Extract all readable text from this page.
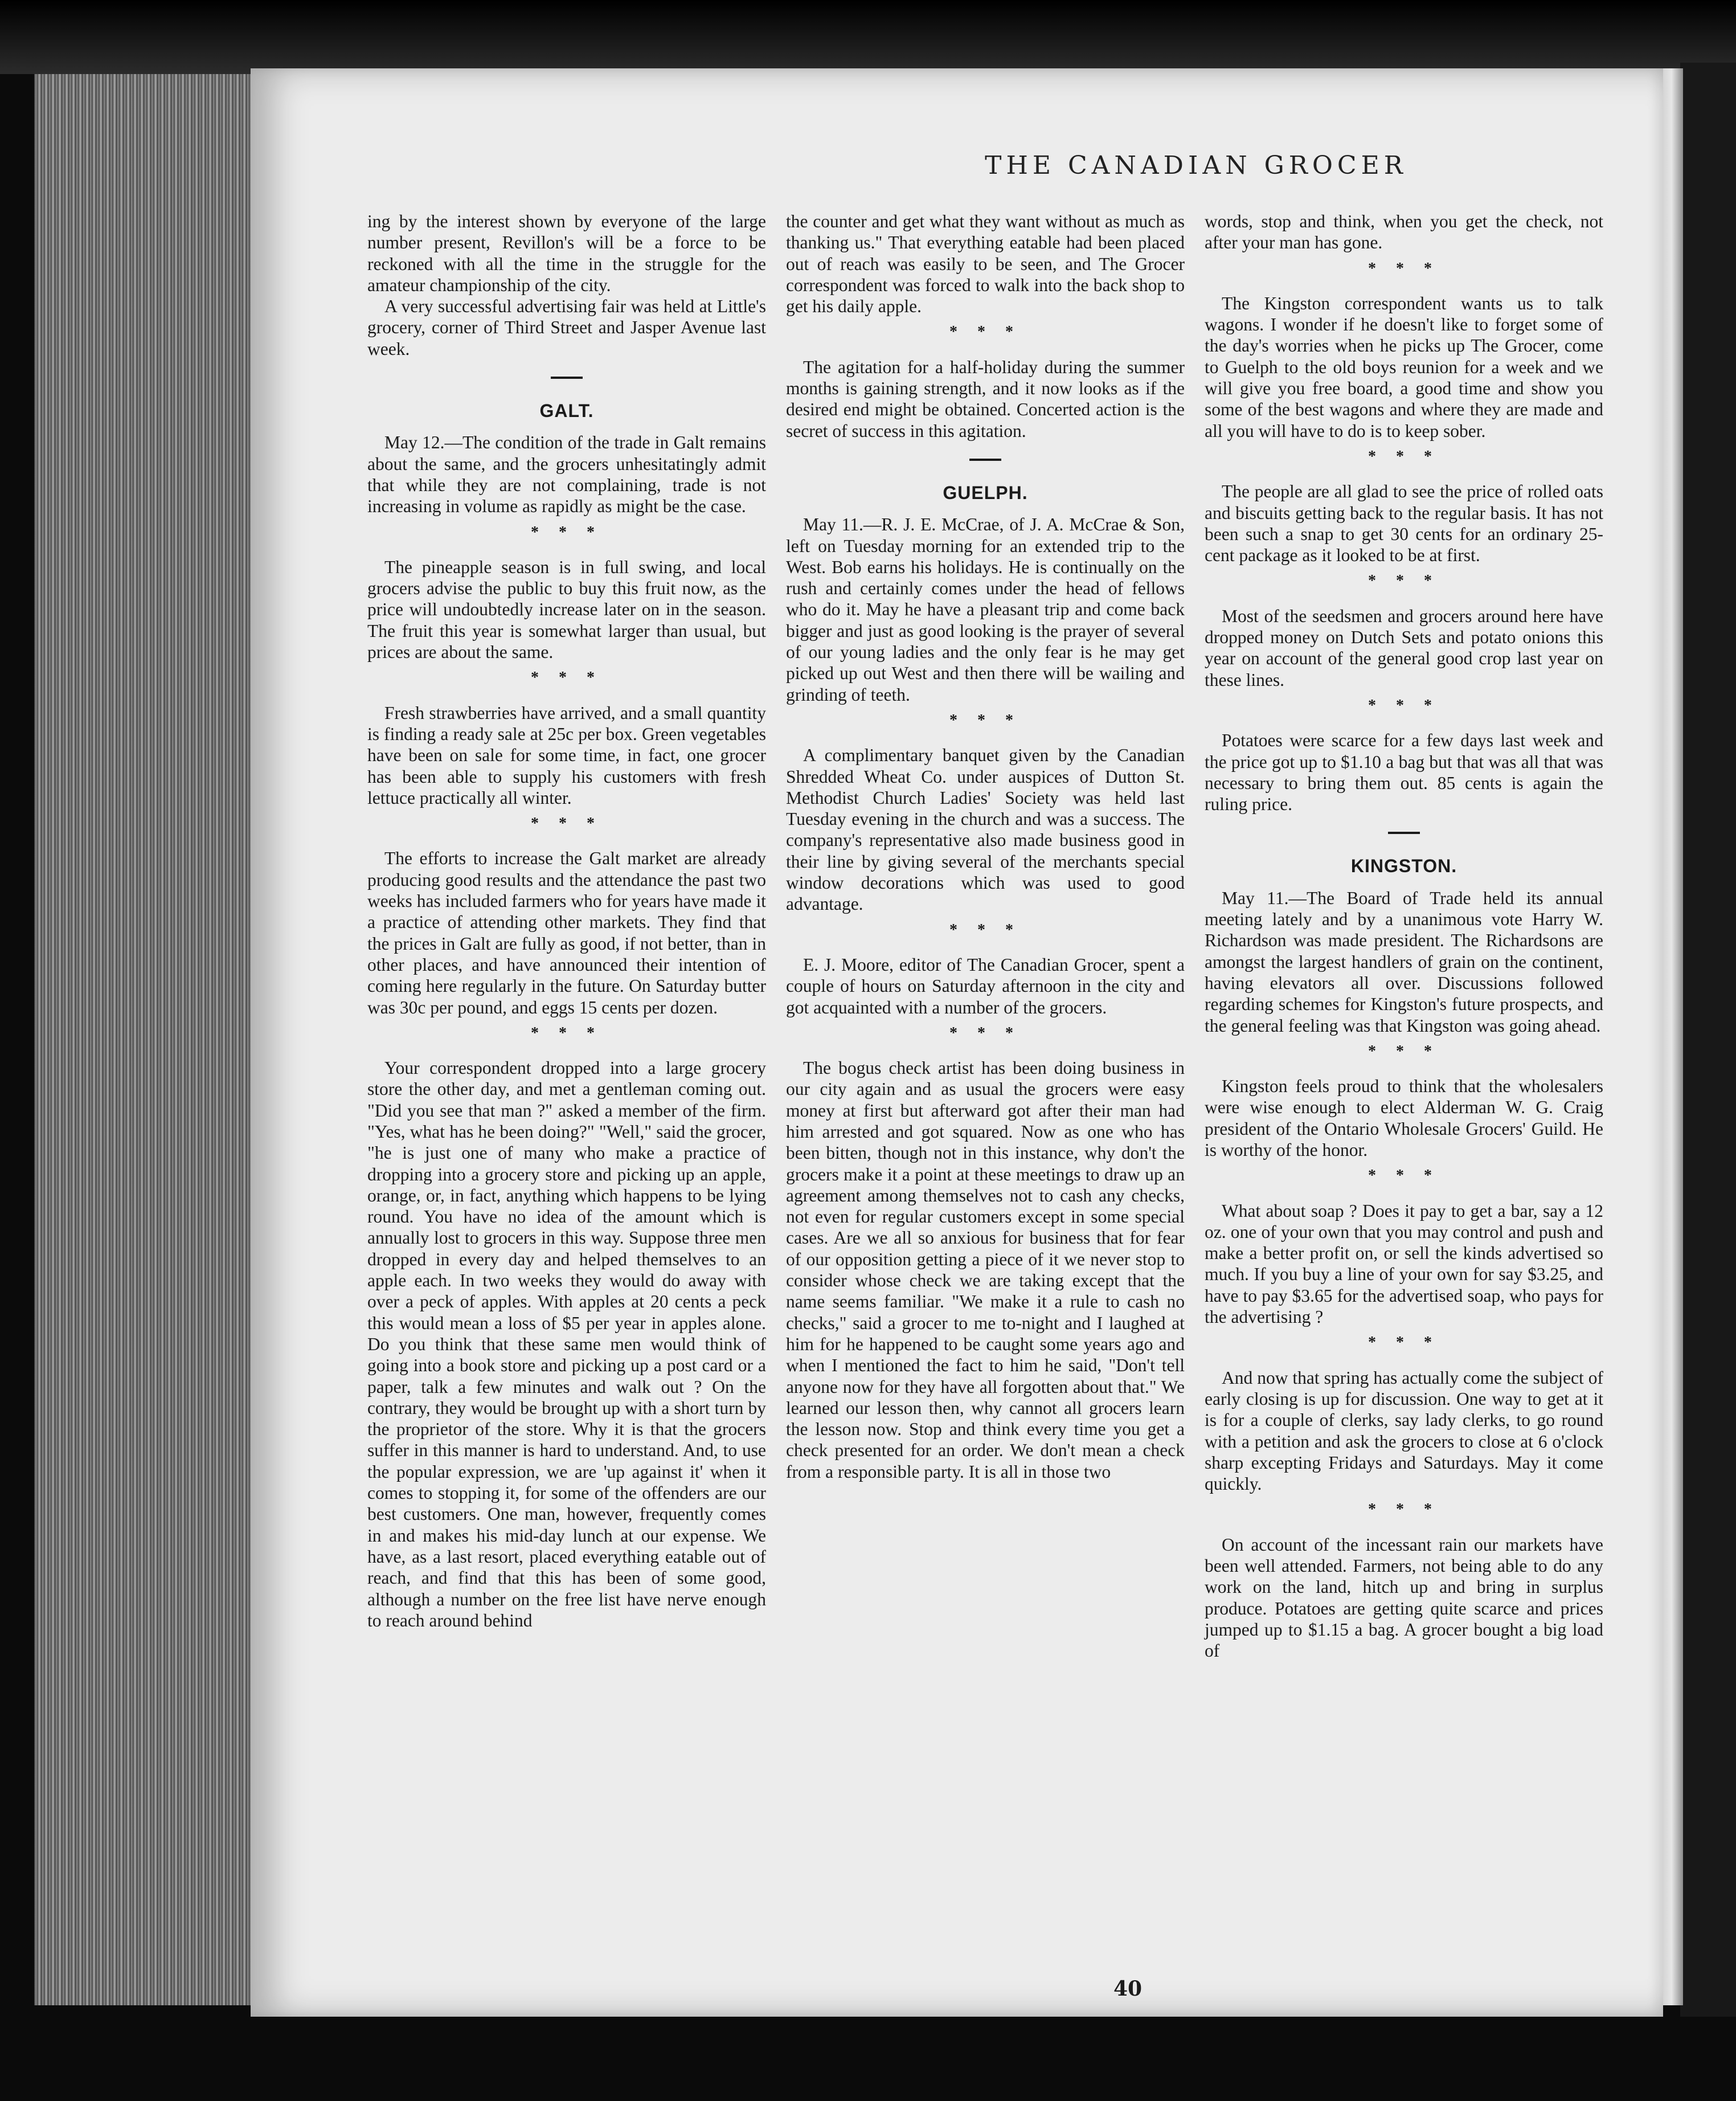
THE CANADIAN GROCER

ing by the interest shown by everyone of the large number present, Revillon's will be a force to be reckoned with all the time in the struggle for the amateur championship of the city.

A very successful advertising fair was held at Little's grocery, corner of Third Street and Jasper Avenue last week.

GALT.

May 12.—The condition of the trade in Galt remains about the same, and the grocers unhesitatingly admit that while they are not complaining, trade is not increasing in volume as rapidly as might be the case.

* * *

The pineapple season is in full swing, and local grocers advise the public to buy this fruit now, as the price will undoubtedly increase later on in the season. The fruit this year is somewhat larger than usual, but prices are about the same.

* * *

Fresh strawberries have arrived, and a small quantity is finding a ready sale at 25c per box. Green vegetables have been on sale for some time, in fact, one grocer has been able to supply his customers with fresh lettuce practically all winter.

* * *

The efforts to increase the Galt market are already producing good results and the attendance the past two weeks has included farmers who for years have made it a practice of attending other markets. They find that the prices in Galt are fully as good, if not better, than in other places, and have announced their intention of coming here regularly in the future. On Saturday butter was 30c per pound, and eggs 15 cents per dozen.

* * *

Your correspondent dropped into a large grocery store the other day, and met a gentleman coming out. "Did you see that man ?" asked a member of the firm. "Yes, what has he been doing?" "Well," said the grocer, "he is just one of many who make a practice of dropping into a grocery store and picking up an apple, orange, or, in fact, anything which happens to be lying round. You have no idea of the amount which is annually lost to grocers in this way. Suppose three men dropped in every day and helped themselves to an apple each. In two weeks they would do away with over a peck of apples. With apples at 20 cents a peck this would mean a loss of $5 per year in apples alone. Do you think that these same men would think of going into a book store and picking up a post card or a paper, talk a few minutes and walk out ? On the contrary, they would be brought up with a short turn by the proprietor of the store. Why it is that the grocers suffer in this manner is hard to understand. And, to use the popular expression, we are 'up against it' when it comes to stopping it, for some of the offenders are our best customers. One man, however, frequently comes in and makes his mid-day lunch at our expense. We have, as a last resort, placed everything eatable out of reach, and find that this has been of some good, although a number on the free list have nerve enough to reach around behind

the counter and get what they want without as much as thanking us." That everything eatable had been placed out of reach was easily to be seen, and The Grocer correspondent was forced to walk into the back shop to get his daily apple.

* * *

The agitation for a half-holiday during the summer months is gaining strength, and it now looks as if the desired end might be obtained. Concerted action is the secret of success in this agitation.

GUELPH.

May 11.—R. J. E. McCrae, of J. A. McCrae & Son, left on Tuesday morning for an extended trip to the West. Bob earns his holidays. He is continually on the rush and certainly comes under the head of fellows who do it. May he have a pleasant trip and come back bigger and just as good looking is the prayer of several of our young ladies and the only fear is he may get picked up out West and then there will be wailing and grinding of teeth.

* * *

A complimentary banquet given by the Canadian Shredded Wheat Co. under auspices of Dutton St. Methodist Church Ladies' Society was held last Tuesday evening in the church and was a success. The company's representative also made business good in their line by giving several of the merchants special window decorations which was used to good advantage.

* * *

E. J. Moore, editor of The Canadian Grocer, spent a couple of hours on Saturday afternoon in the city and got acquainted with a number of the grocers.

* * *

The bogus check artist has been doing business in our city again and as usual the grocers were easy money at first but afterward got after their man had him arrested and got squared. Now as one who has been bitten, though not in this instance, why don't the grocers make it a point at these meetings to draw up an agreement among themselves not to cash any checks, not even for regular customers except in some special cases. Are we all so anxious for business that for fear of our opposition getting a piece of it we never stop to consider whose check we are taking except that the name seems familiar. "We make it a rule to cash no checks," said a grocer to me to-night and I laughed at him for he happened to be caught some years ago and when I mentioned the fact to him he said, "Don't tell anyone now for they have all forgotten about that." We learned our lesson then, why cannot all grocers learn the lesson now. Stop and think every time you get a check presented for an order. We don't mean a check from a responsible party. It is all in those two

words, stop and think, when you get the check, not after your man has gone.

* * *

The Kingston correspondent wants us to talk wagons. I wonder if he doesn't like to forget some of the day's worries when he picks up The Grocer, come to Guelph to the old boys reunion for a week and we will give you free board, a good time and show you some of the best wagons and where they are made and all you will have to do is to keep sober.

* * *

The people are all glad to see the price of rolled oats and biscuits getting back to the regular basis. It has not been such a snap to get 30 cents for an ordinary 25-cent package as it looked to be at first.

* * *

Most of the seedsmen and grocers around here have dropped money on Dutch Sets and potato onions this year on account of the general good crop last year on these lines.

* * *

Potatoes were scarce for a few days last week and the price got up to $1.10 a bag but that was all that was necessary to bring them out. 85 cents is again the ruling price.

KINGSTON.

May 11.—The Board of Trade held its annual meeting lately and by a unanimous vote Harry W. Richardson was made president. The Richardsons are amongst the largest handlers of grain on the continent, having elevators all over. Discussions followed regarding schemes for Kingston's future prospects, and the general feeling was that Kingston was going ahead.

* * *

Kingston feels proud to think that the wholesalers were wise enough to elect Alderman W. G. Craig president of the Ontario Wholesale Grocers' Guild. He is worthy of the honor.

* * *

What about soap ? Does it pay to get a bar, say a 12 oz. one of your own that you may control and push and make a better profit on, or sell the kinds advertised so much. If you buy a line of your own for say $3.25, and have to pay $3.65 for the advertised soap, who pays for the advertising ?

* * *

And now that spring has actually come the subject of early closing is up for discussion. One way to get at it is for a couple of clerks, say lady clerks, to go round with a petition and ask the grocers to close at 6 o'clock sharp excepting Fridays and Saturdays. May it come quickly.

* * *

On account of the incessant rain our markets have been well attended. Farmers, not being able to do any work on the land, hitch up and bring in surplus produce. Potatoes are getting quite scarce and prices jumped up to $1.15 a bag. A grocer bought a big load of

40
